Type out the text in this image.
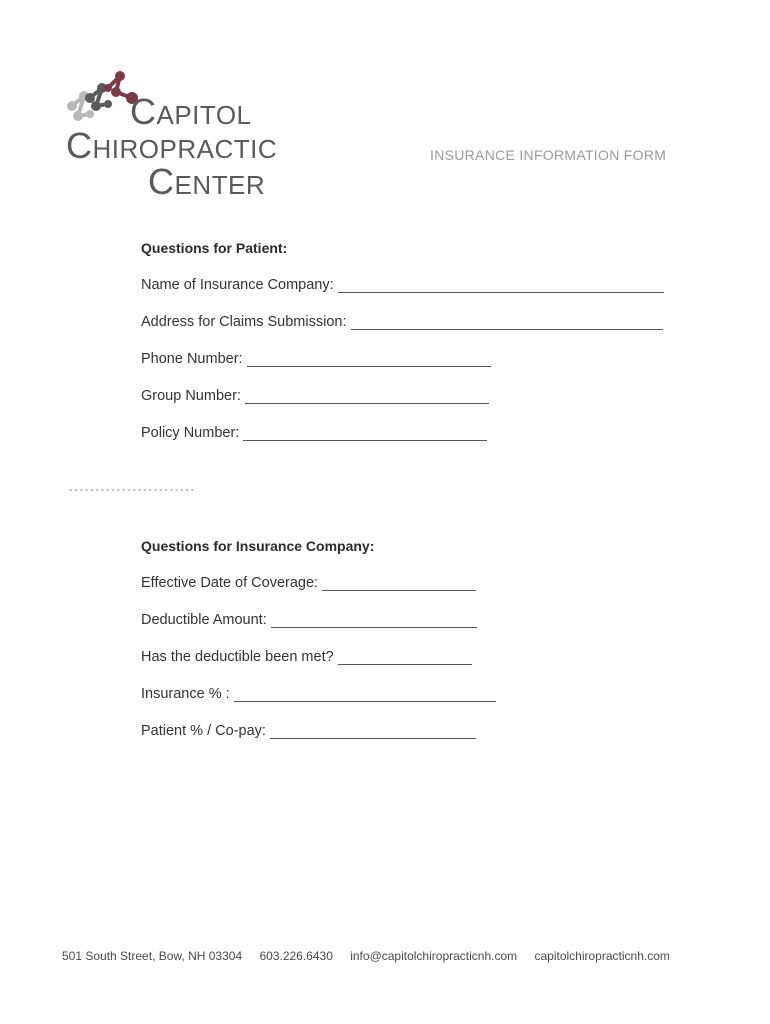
CAPITOL
CHIROPRACTIC
CENTER
INSURANCE INFORMATION FORM

Questions for Patient:

Name of Insurance Company:
Address for Claims Submission:
Phone Number:
Group Number:
Policy Number:

Questions for Insurance Company:

Effective Date of Coverage:
Deductible Amount:
Has the deductible been met?
Insurance % :
Patient % / Co-pay:
501 South Street, Bow, NH 03304 603.226.6430 info@capitolchiropracticnh.com capitolchiropracticnh.com
